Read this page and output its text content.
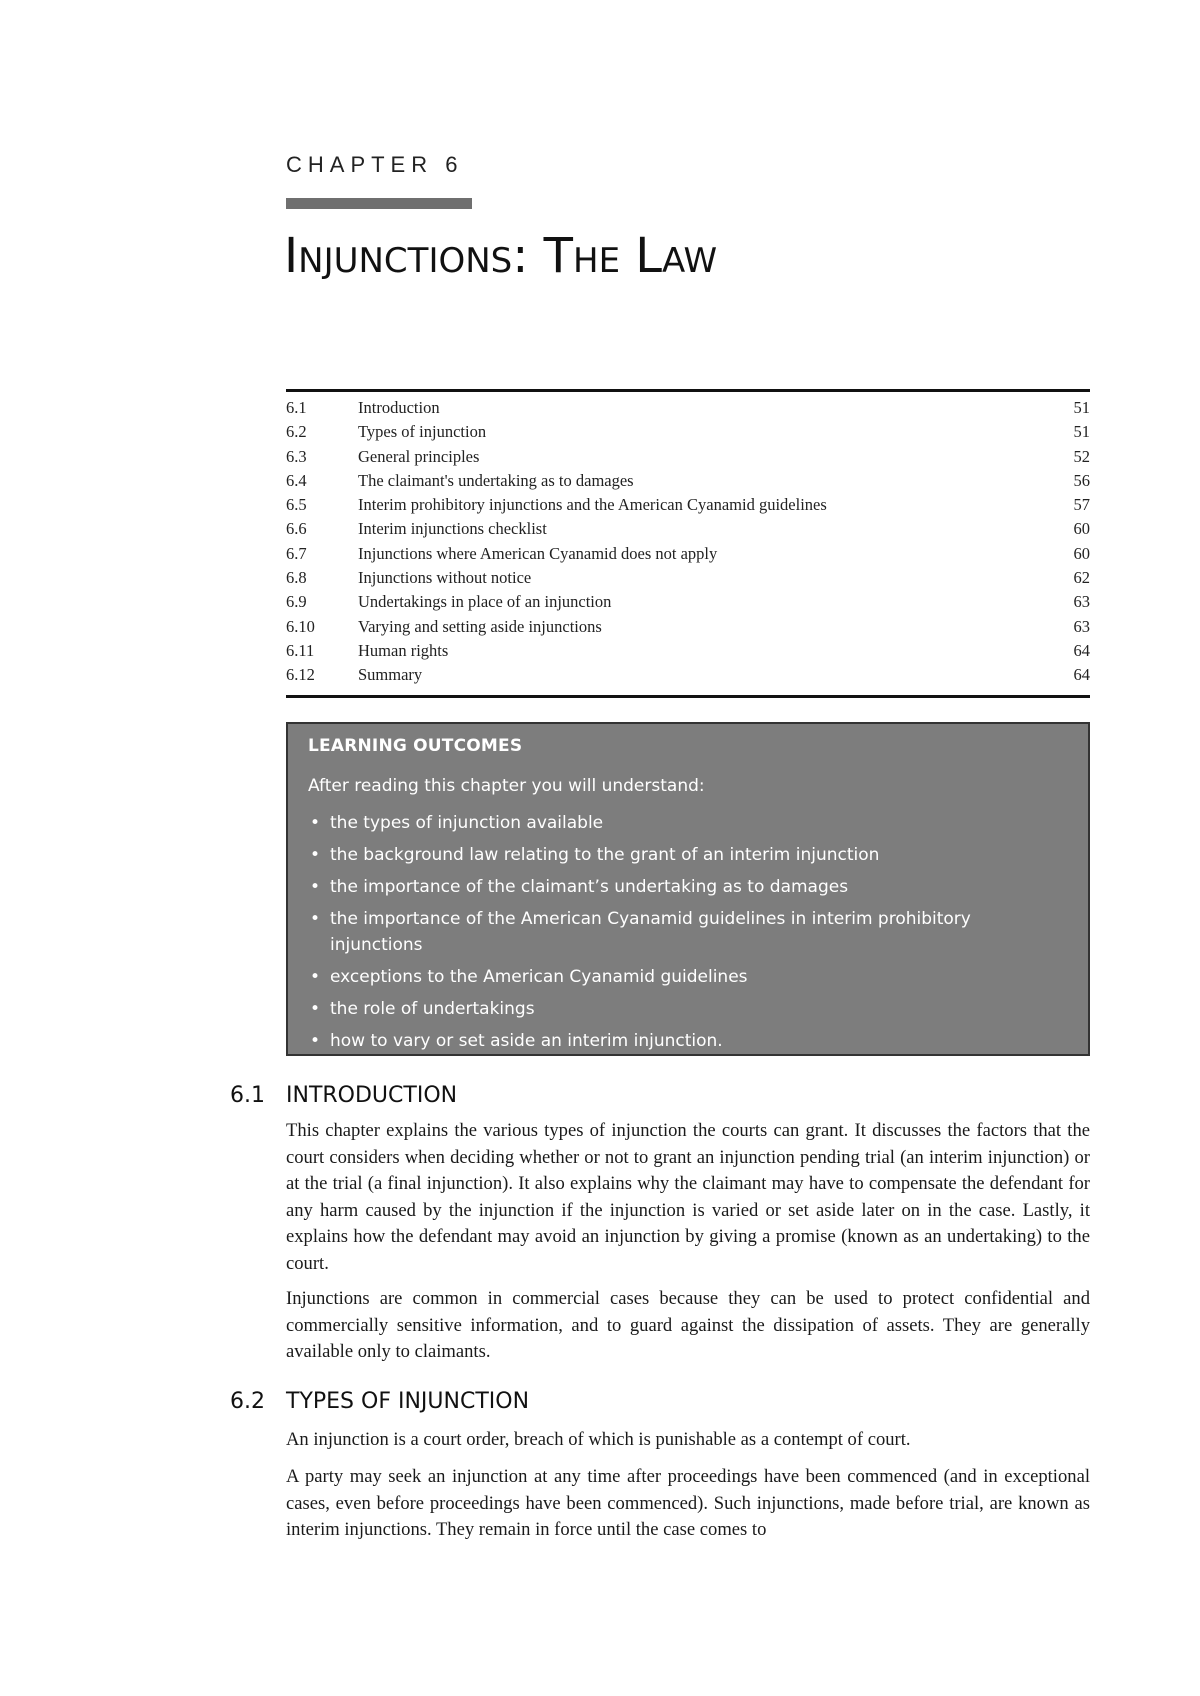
CHAPTER 6
Injunctions: The Law
6.1	Introduction	51
6.2	Types of injunction	51
6.3	General principles	52
6.4	The claimant's undertaking as to damages	56
6.5	Interim prohibitory injunctions and the American Cyanamid guidelines	57
6.6	Interim injunctions checklist	60
6.7	Injunctions where American Cyanamid does not apply	60
6.8	Injunctions without notice	62
6.9	Undertakings in place of an injunction	63
6.10	Varying and setting aside injunctions	63
6.11	Human rights	64
6.12	Summary	64
LEARNING OUTCOMES
After reading this chapter you will understand:
• the types of injunction available
• the background law relating to the grant of an interim injunction
• the importance of the claimant’s undertaking as to damages
• the importance of the American Cyanamid guidelines in interim prohibitory injunctions
• exceptions to the American Cyanamid guidelines
• the role of undertakings
• how to vary or set aside an interim injunction.
6.1 INTRODUCTION

This chapter explains the various types of injunction the courts can grant. It discusses the factors that the court considers when deciding whether or not to grant an injunction pending trial (an interim injunction) or at the trial (a final injunction). It also explains why the claimant may have to compensate the defendant for any harm caused by the injunction if the injunction is varied or set aside later on in the case. Lastly, it explains how the defendant may avoid an injunction by giving a promise (known as an undertaking) to the court.

Injunctions are common in commercial cases because they can be used to protect confidential and commercially sensitive information, and to guard against the dissipation of assets. They are generally available only to claimants.

6.2 TYPES OF INJUNCTION

An injunction is a court order, breach of which is punishable as a contempt of court.

A party may seek an injunction at any time after proceedings have been commenced (and in exceptional cases, even before proceedings have been commenced). Such injunctions, made before trial, are known as interim injunctions. They remain in force until the case comes to
